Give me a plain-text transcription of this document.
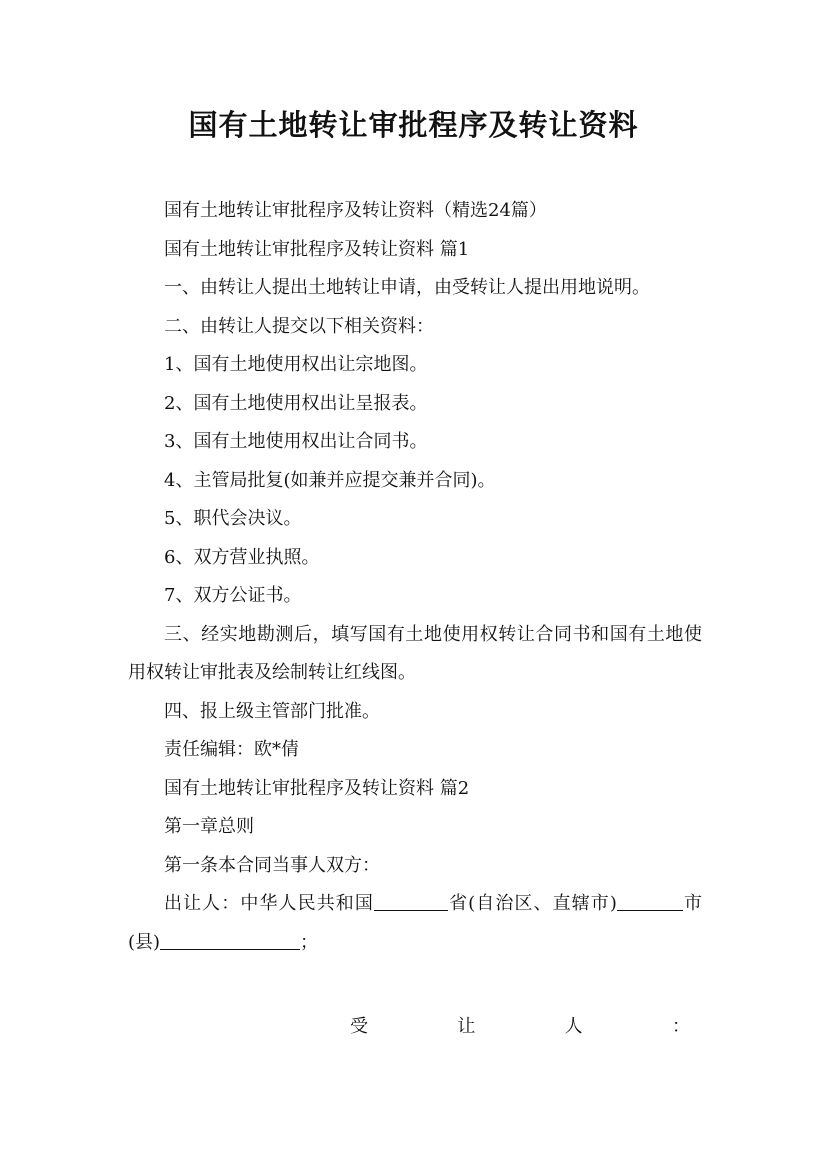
国有土地转让审批程序及转让资料

国有土地转让审批程序及转让资料（精选24篇）

国有土地转让审批程序及转让资料 篇1

一、由转让人提出土地转让申请，由受转让人提出用地说明。

二、由转让人提交以下相关资料：

1、国有土地使用权出让宗地图。

2、国有土地使用权出让呈报表。

3、国有土地使用权出让合同书。

4、主管局批复(如兼并应提交兼并合同)。

5、职代会决议。

6、双方营业执照。

7、双方公证书。

三、经实地勘测后，填写国有土地使用权转让合同书和国有土地使用权转让审批表及绘制转让红线图。

四、报上级主管部门批准。

责任编辑：欧*倩

国有土地转让审批程序及转让资料 篇2

第一章总则

第一条本合同当事人双方：

出让人：中华人民共和国	省(自治区、直辖市)	市(县)	；

受	让	人	：
